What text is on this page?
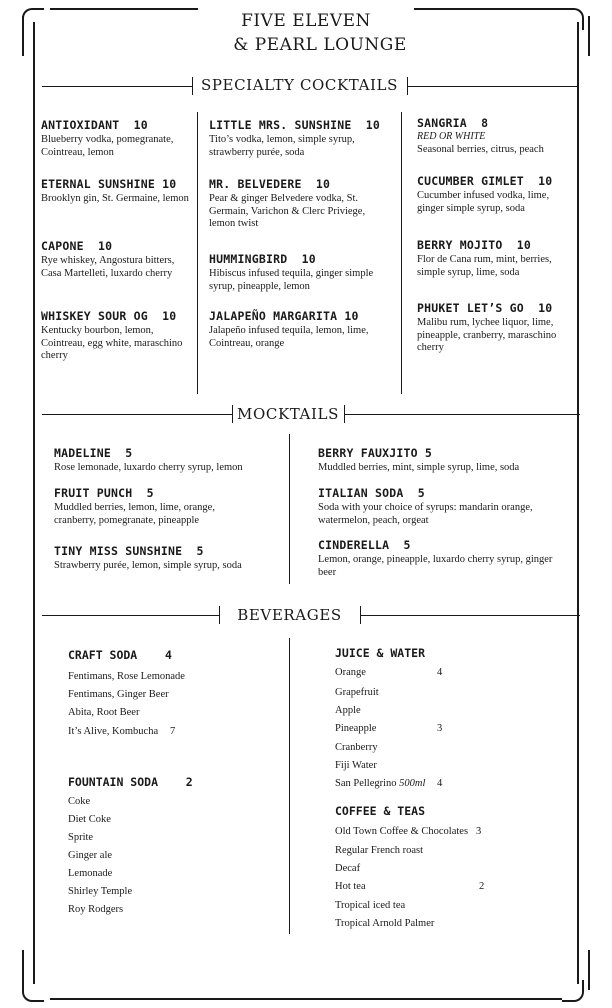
FIVE ELEVEN
& PEARL LOUNGE
SPECIALTY COCKTAILS
ANTIOXIDANT 10
Blueberry vodka, pomegranate, Cointreau, lemon
ETERNAL SUNSHINE 10
Brooklyn gin, St. Germaine, lemon
CAPONE 10
Rye whiskey, Angostura bitters, Casa Martelleti, luxardo cherry
WHISKEY SOUR OG 10
Kentucky bourbon, lemon, Cointreau, egg white, maraschino cherry
LITTLE MRS. SUNSHINE 10
Tito’s vodka, lemon, simple syrup, strawberry purée, soda
MR. BELVEDERE 10
Pear & ginger Belvedere vodka, St. Germain, Varichon & Clerc Priviege, lemon twist
HUMMINGBIRD 10
Hibiscus infused tequila, ginger simple syrup, pineapple, lemon
JALAPEÑO MARGARITA 10
Jalapeño infused tequila, lemon, lime, Cointreau, orange
SANGRIA 8
RED OR WHITE
Seasonal berries, citrus, peach
CUCUMBER GIMLET 10
Cucumber infused vodka, lime, ginger simple syrup, soda
BERRY MOJITO 10
Flor de Cana rum, mint, berries, simple syrup, lime, soda
PHUKET LET’S GO 10
Malibu rum, lychee liquor, lime, pineapple, cranberry, maraschino cherry
MOCKTAILS
MADELINE 5
Rose lemonade, luxardo cherry syrup, lemon
FRUIT PUNCH 5
Muddled berries, lemon, lime, orange, cranberry, pomegranate, pineapple
TINY MISS SUNSHINE 5
Strawberry purée, lemon, simple syrup, soda
BERRY FAUXJITO 5
Muddled berries, mint, simple syrup, lime, soda
ITALIAN SODA 5
Soda with your choice of syrups: mandarin orange, watermelon, peach, orgeat
CINDERELLA 5
Lemon, orange, pineapple, luxardo cherry syrup, ginger beer
BEVERAGES
CRAFT SODA 4
Fentimans, Rose Lemonade
Fentimans, Ginger Beer
Abita, Root Beer
It’s Alive, Kombucha 7
FOUNTAIN SODA 2
Coke
Diet Coke
Sprite
Ginger ale
Lemonade
Shirley Temple
Roy Rodgers
JUICE & WATER
Orange	4
Grapefruit
Apple
Pineapple	3
Cranberry
Fiji Water
San Pellegrino 500ml 4
COFFEE & TEAS
Old Town Coffee & Chocolates 3
Regular French roast
Decaf
Hot tea	2
Tropical iced tea
Tropical Arnold Palmer
